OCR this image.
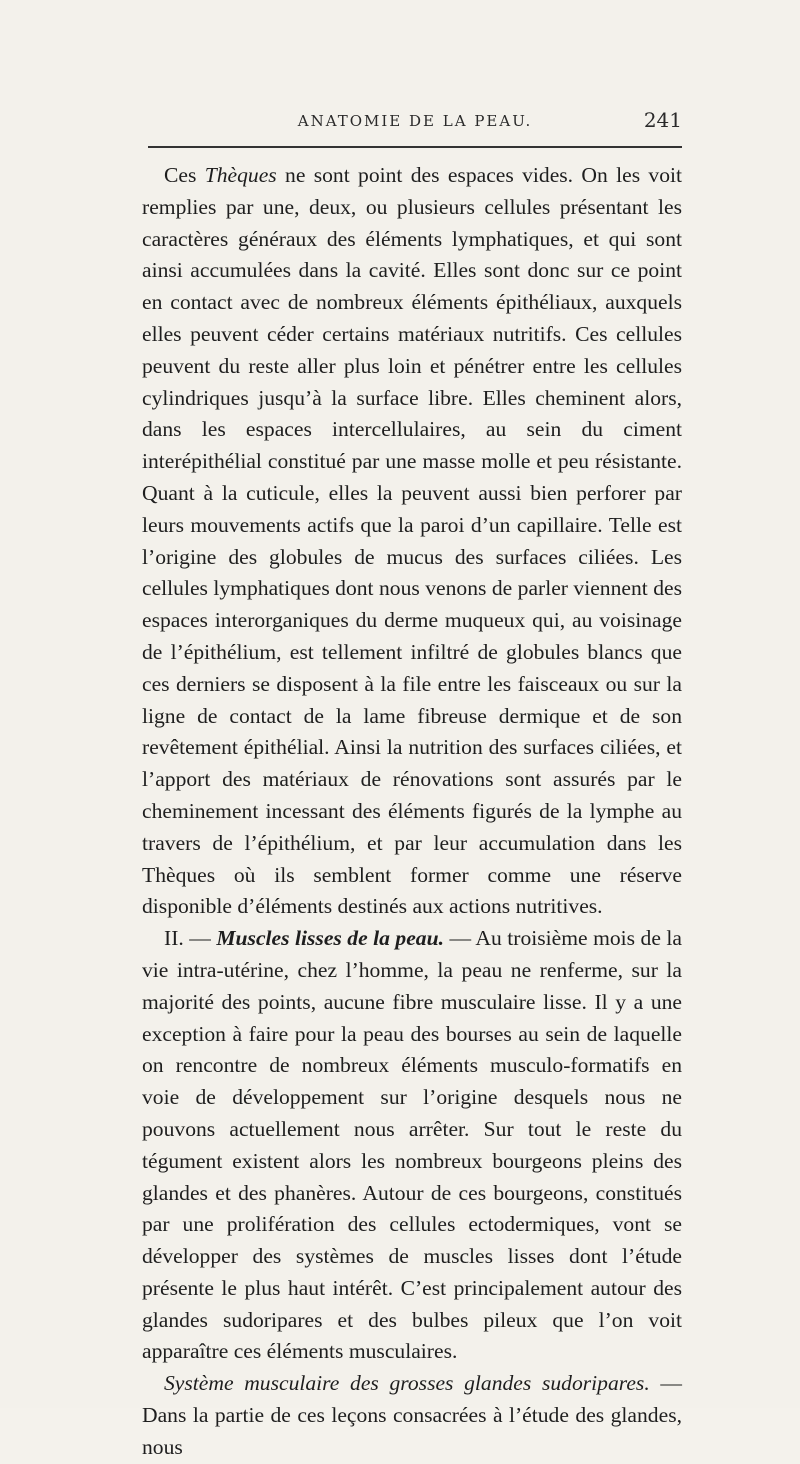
ANATOMIE DE LA PEAU.	241

Ces Thèques ne sont point des espaces vides. On les voit remplies par une, deux, ou plusieurs cellules présentant les caractères généraux des éléments lymphatiques, et qui sont ainsi accumulées dans la cavité. Elles sont donc sur ce point en contact avec de nombreux éléments épithéliaux, auxquels elles peuvent céder certains matériaux nutritifs. Ces cellules peuvent du reste aller plus loin et pénétrer entre les cellules cylindriques jusqu’à la surface libre. Elles cheminent alors, dans les espaces intercellulaires, au sein du ciment interépithélial constitué par une masse molle et peu résistante. Quant à la cuticule, elles la peuvent aussi bien perforer par leurs mouvements actifs que la paroi d’un capillaire. Telle est l’origine des globules de mucus des surfaces ciliées. Les cellules lymphatiques dont nous venons de parler viennent des espaces interorganiques du derme muqueux qui, au voisinage de l’épithélium, est tellement infiltré de globules blancs que ces derniers se disposent à la file entre les faisceaux ou sur la ligne de contact de la lame fibreuse dermique et de son revêtement épithélial. Ainsi la nutrition des surfaces ciliées, et l’apport des matériaux de rénovations sont assurés par le cheminement incessant des éléments figurés de la lymphe au travers de l’épithélium, et par leur accumulation dans les Thèques où ils semblent former comme une réserve disponible d’éléments destinés aux actions nutritives.

II. — Muscles lisses de la peau. — Au troisième mois de la vie intra-utérine, chez l’homme, la peau ne renferme, sur la majorité des points, aucune fibre musculaire lisse. Il y a une exception à faire pour la peau des bourses au sein de laquelle on rencontre de nombreux éléments musculo-formatifs en voie de développement sur l’origine desquels nous ne pouvons actuellement nous arrêter. Sur tout le reste du tégument existent alors les nombreux bourgeons pleins des glandes et des phanères. Autour de ces bourgeons, constitués par une prolifération des cellules ectodermiques, vont se développer des systèmes de muscles lisses dont l’étude présente le plus haut intérêt. C’est principalement autour des glandes sudoripares et des bulbes pileux que l’on voit apparaître ces éléments musculaires.

Système musculaire des grosses glandes sudoripares. — Dans la partie de ces leçons consacrées à l’étude des glandes, nous
